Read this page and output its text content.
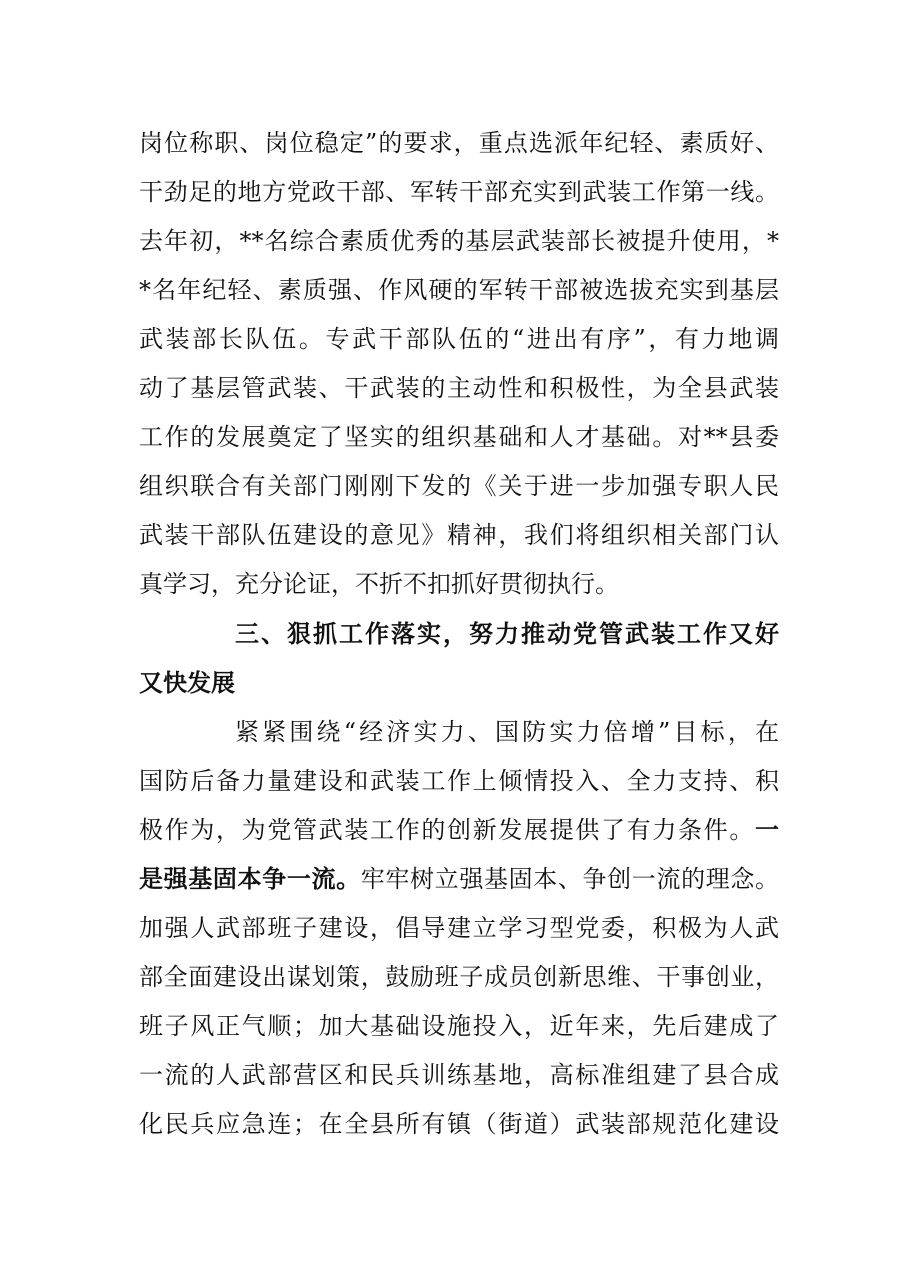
岗位称职、岗位稳定”的要求，重点选派年纪轻、素质好、
干劲足的地方党政干部、军转干部充实到武装工作第一线。
去年初，**名综合素质优秀的基层武装部长被提升使用，*
*名年纪轻、素质强、作风硬的军转干部被选拔充实到基层
武装部长队伍。专武干部队伍的“进出有序”，有力地调
动了基层管武装、干武装的主动性和积极性，为全县武装
工作的发展奠定了坚实的组织基础和人才基础。对**县委
组织联合有关部门刚刚下发的《关于进一步加强专职人民
武装干部队伍建设的意见》精神，我们将组织相关部门认
真学习，充分论证，不折不扣抓好贯彻执行。
三、狠抓工作落实，努力推动党管武装工作又好
又快发展
紧紧围绕“经济实力、国防实力倍增”目标，在
国防后备力量建设和武装工作上倾情投入、全力支持、积
极作为，为党管武装工作的创新发展提供了有力条件。一
是强基固本争一流。牢牢树立强基固本、争创一流的理念。
加强人武部班子建设，倡导建立学习型党委，积极为人武
部全面建设出谋划策，鼓励班子成员创新思维、干事创业，
班子风正气顺；加大基础设施投入，近年来，先后建成了
一流的人武部营区和民兵训练基地，高标准组建了县合成
化民兵应急连；在全县所有镇（街道）武装部规范化建设
